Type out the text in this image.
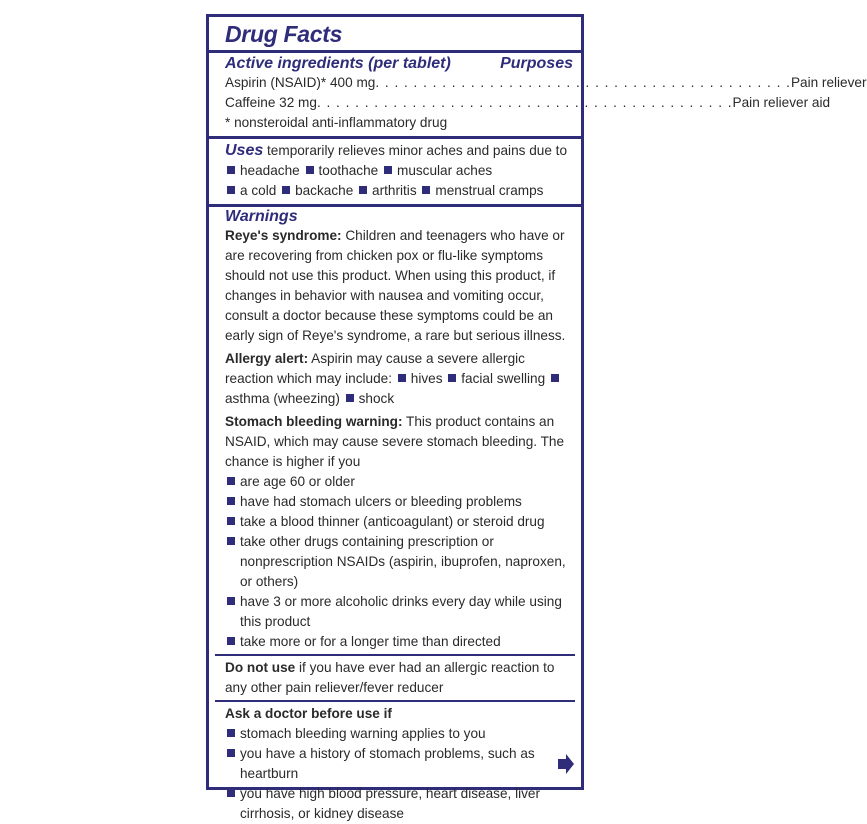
Drug Facts
Active ingredients (per tablet)	Purposes
Aspirin (NSAID)* 400 mg . . .	Pain reliever
Caffeine 32 mg . . .	Pain reliever aid
* nonsteroidal anti-inflammatory drug
Uses temporarily relieves minor aches and pains due to
headache toothache muscular aches
a cold backache arthritis menstrual cramps
Warnings
Reye's syndrome: Children and teenagers who have or are recovering from chicken pox or flu-like symptoms should not use this product. When using this product, if changes in behavior with nausea and vomiting occur, consult a doctor because these symptoms could be an early sign of Reye's syndrome, a rare but serious illness.
Allergy alert: Aspirin may cause a severe allergic reaction which may include: hives facial swelling asthma (wheezing) shock
Stomach bleeding warning: This product contains an NSAID, which may cause severe stomach bleeding. The chance is higher if you
are age 60 or older
have had stomach ulcers or bleeding problems
take a blood thinner (anticoagulant) or steroid drug
take other drugs containing prescription or nonprescription NSAIDs (aspirin, ibuprofen, naproxen, or others)
have 3 or more alcoholic drinks every day while using this product
take more or for a longer time than directed
Do not use if you have ever had an allergic reaction to any other pain reliever/fever reducer
Ask a doctor before use if
stomach bleeding warning applies to you
you have a history of stomach problems, such as heartburn
you have high blood pressure, heart disease, liver cirrhosis, or kidney disease
